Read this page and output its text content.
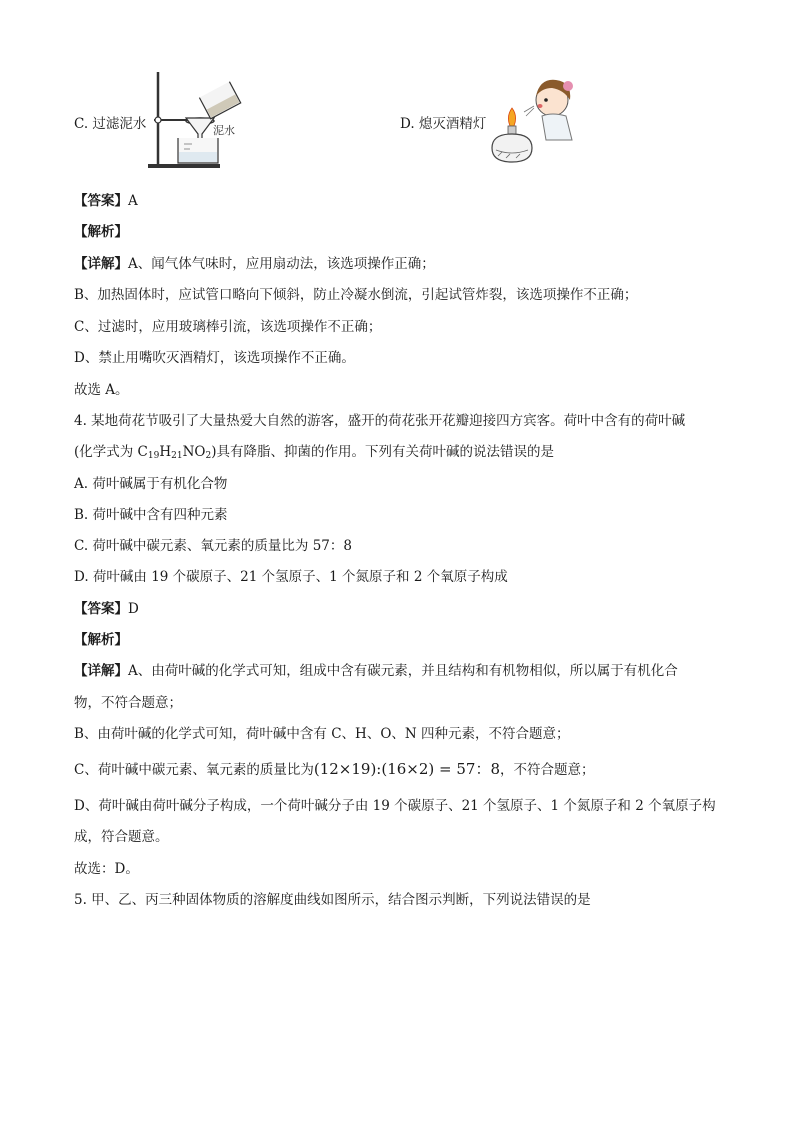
C. 过滤泥水	泥水	D. 熄灭酒精灯
【答案】A
【解析】
【详解】A、闻气体气味时，应用扇动法，该选项操作正确；
B、加热固体时，应试管口略向下倾斜，防止冷凝水倒流，引起试管炸裂，该选项操作不正确；
C、过滤时，应用玻璃棒引流，该选项操作不正确；
D、禁止用嘴吹灭酒精灯，该选项操作不正确。
故选 A。
4. 某地荷花节吸引了大量热爱大自然的游客，盛开的荷花张开花瓣迎接四方宾客。荷叶中含有的荷叶碱
(化学式为 $C_{19}H_{21}NO_2$)具有降脂、抑菌的作用。下列有关荷叶碱的说法错误的是
A. 荷叶碱属于有机化合物
B. 荷叶碱中含有四种元素
C. 荷叶碱中碳元素、氧元素的质量比为 57：8
D. 荷叶碱由 19 个碳原子、21 个氢原子、1 个氮原子和 2 个氧原子构成
【答案】D
【解析】
【详解】A、由荷叶碱的化学式可知，组成中含有碳元素，并且结构和有机物相似，所以属于有机化合
物，不符合题意；
B、由荷叶碱的化学式可知，荷叶碱中含有 C、H、O、N 四种元素，不符合题意；
C、荷叶碱中碳元素、氧元素的质量比为(12×19):(16×2) = 57：8，不符合题意；
D、荷叶碱由荷叶碱分子构成，一个荷叶碱分子由 19 个碳原子、21 个氢原子、1 个氮原子和 2 个氧原子构
成，符合题意。
故选：D。
5. 甲、乙、丙三种固体物质的溶解度曲线如图所示，结合图示判断，下列说法错误的是
